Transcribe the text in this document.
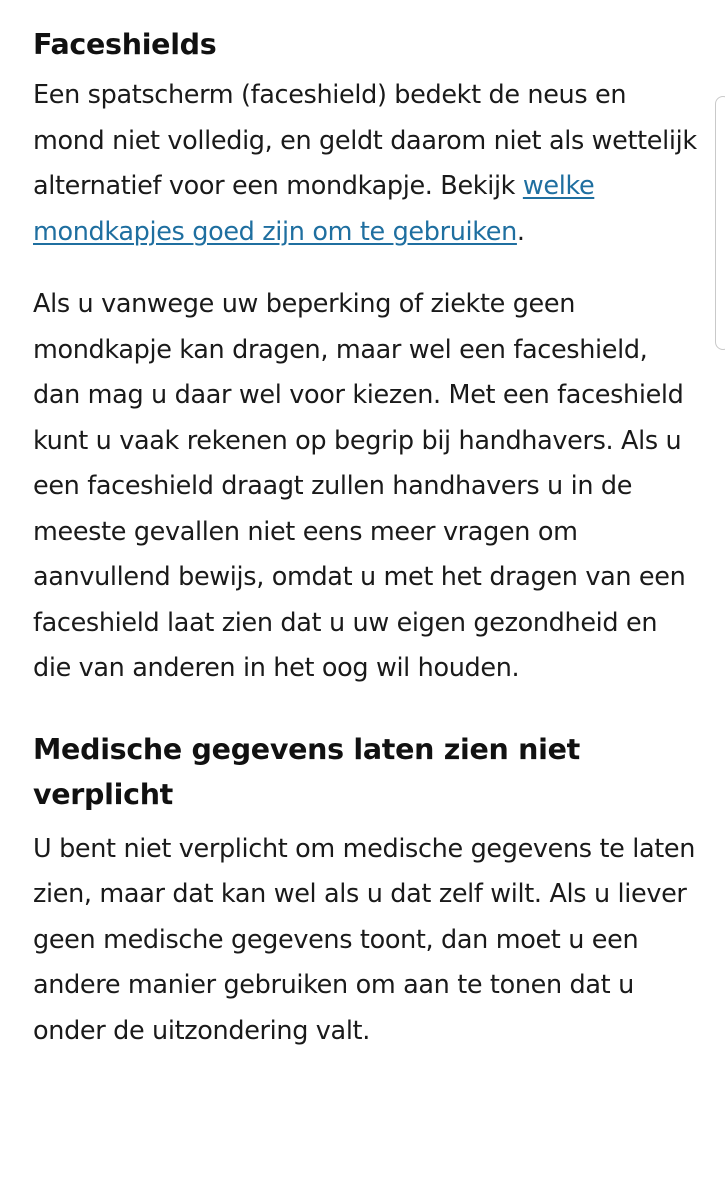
Faceshields

Een spatscherm (faceshield) bedekt de neus en mond niet volledig, en geldt daarom niet als wettelijk alternatief voor een mondkapje. Bekijk welke mondkapjes goed zijn om te gebruiken.

Als u vanwege uw beperking of ziekte geen mondkapje kan dragen, maar wel een faceshield, dan mag u daar wel voor kiezen. Met een faceshield kunt u vaak rekenen op begrip bij handhavers. Als u een faceshield draagt zullen handhavers u in de meeste gevallen niet eens meer vragen om aanvullend bewijs, omdat u met het dragen van een faceshield laat zien dat u uw eigen gezondheid en die van anderen in het oog wil houden.

Medische gegevens laten zien niet verplicht

U bent niet verplicht om medische gegevens te laten zien, maar dat kan wel als u dat zelf wilt. Als u liever geen medische gegevens toont, dan moet u een andere manier gebruiken om aan te tonen dat u onder de uitzondering valt.
